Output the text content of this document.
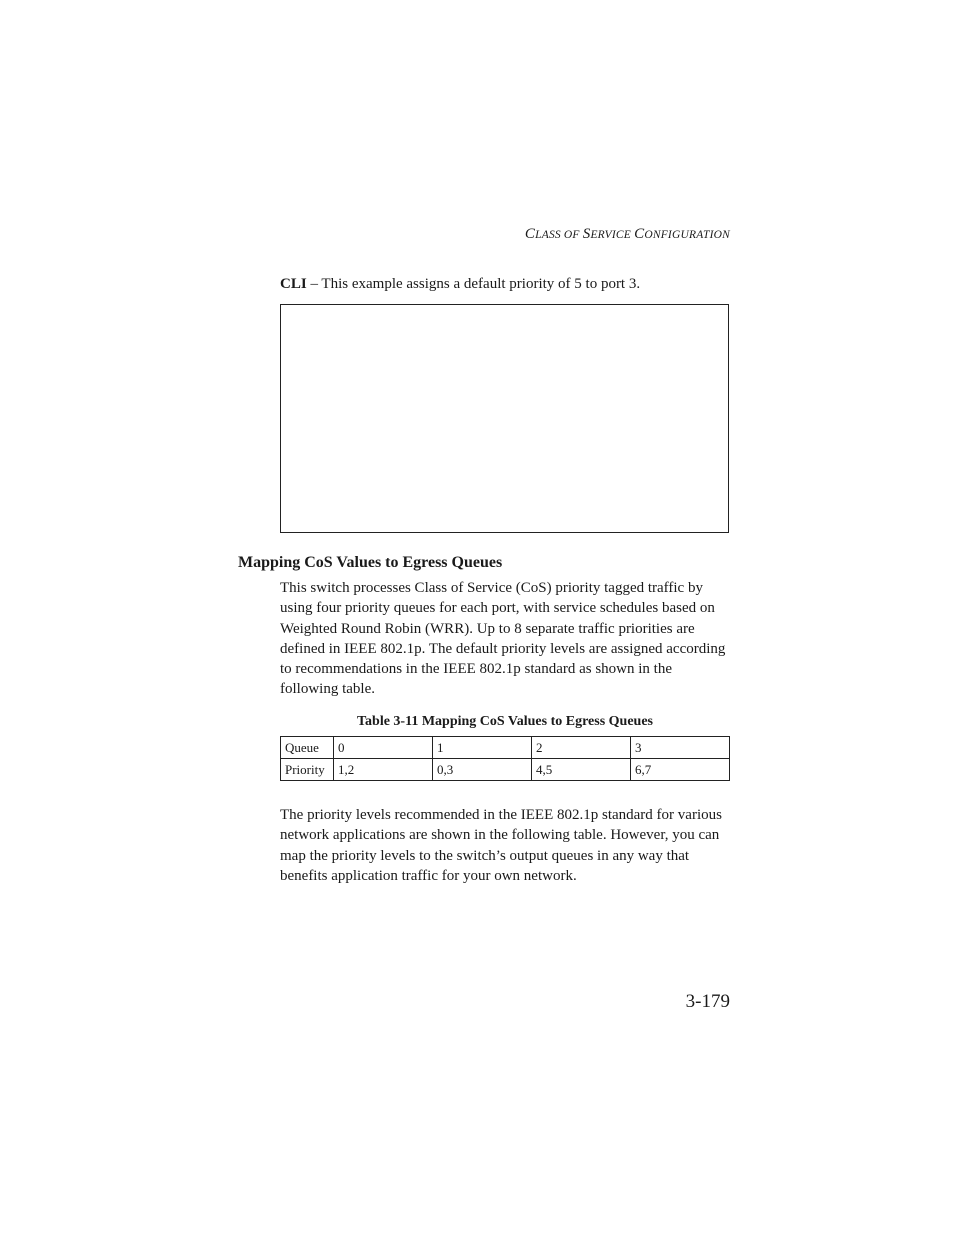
CLASS OF SERVICE CONFIGURATION
CLI – This example assigns a default priority of 5 to port 3.
Mapping CoS Values to Egress Queues
This switch processes Class of Service (CoS) priority tagged traffic by
using four priority queues for each port, with service schedules based on
Weighted Round Robin (WRR). Up to 8 separate traffic priorities are
defined in IEEE 802.1p. The default priority levels are assigned according
to recommendations in the IEEE 802.1p standard as shown in the
following table.
Table 3-11 Mapping CoS Values to Egress Queues
Queue	0	1	2	3
Priority	1,2	0,3	4,5	6,7
The priority levels recommended in the IEEE 802.1p standard for various
network applications are shown in the following table. However, you can
map the priority levels to the switch’s output queues in any way that
benefits application traffic for your own network.
3-179
